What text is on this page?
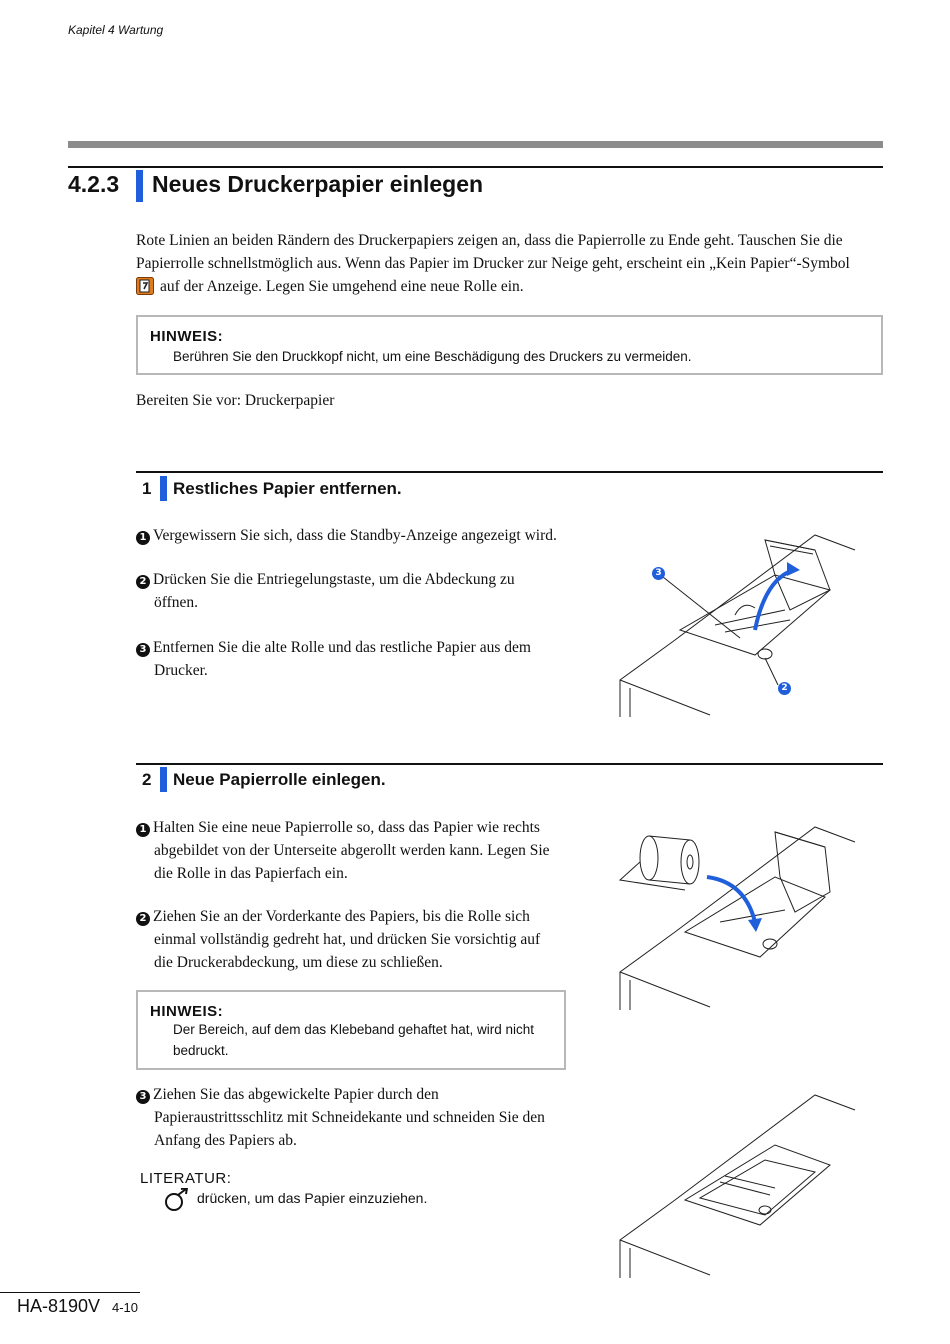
Kapitel 4 Wartung
4.2.3 Neues Druckerpapier einlegen
Rote Linien an beiden Rändern des Druckerpapiers zeigen an, dass die Papierrolle zu Ende geht. Tauschen Sie die
Papierrolle schnellstmöglich aus. Wenn das Papier im Drucker zur Neige geht, erscheint ein „Kein Papier“-Symbol
auf der Anzeige. Legen Sie umgehend eine neue Rolle ein.
HINWEIS:
Berühren Sie den Druckkopf nicht, um eine Beschädigung des Druckers zu vermeiden.
Bereiten Sie vor: Druckerpapier
1 Restliches Papier entfernen.
1 Vergewissern Sie sich, dass die Standby-Anzeige angezeigt wird.
2 Drücken Sie die Entriegelungstaste, um die Abdeckung zu
öffnen.
3 Entfernen Sie die alte Rolle und das restliche Papier aus dem
Drucker.
3
2
2 Neue Papierrolle einlegen.
1 Halten Sie eine neue Papierrolle so, dass das Papier wie rechts
abgebildet von der Unterseite abgerollt werden kann. Legen Sie
die Rolle in das Papierfach ein.
2 Ziehen Sie an der Vorderkante des Papiers, bis die Rolle sich
einmal vollständig gedreht hat, und drücken Sie vorsichtig auf
die Druckerabdeckung, um diese zu schließen.
HINWEIS:
Der Bereich, auf dem das Klebeband gehaftet hat, wird nicht
bedruckt.
3 Ziehen Sie das abgewickelte Papier durch den
Papieraustrittsschlitz mit Schneidekante und schneiden Sie den
Anfang des Papiers ab.
LITERATUR:
drücken, um das Papier einzuziehen.
HA-8190V 4-10
